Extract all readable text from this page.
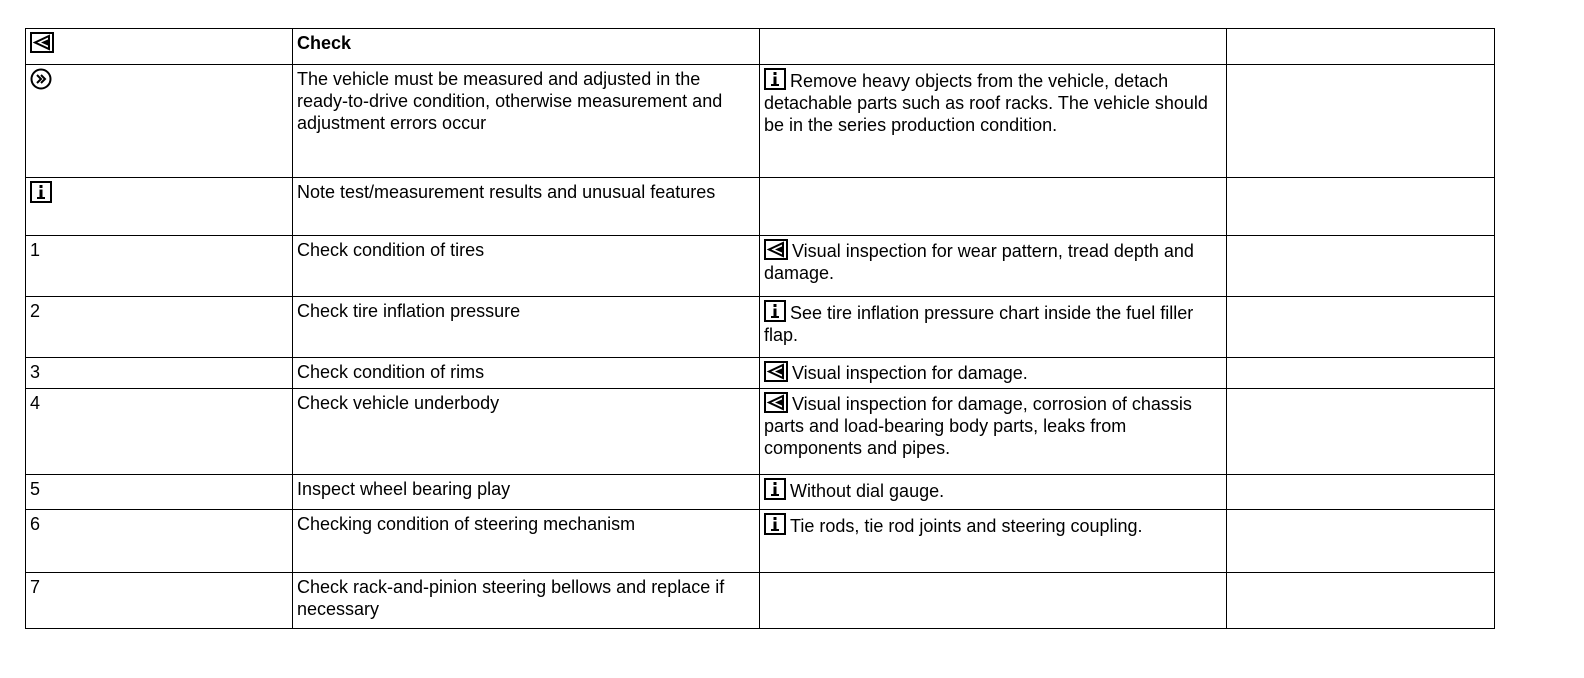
	Check		

	The vehicle must be measured and adjusted in the ready-to-drive condition, otherwise measurement and adjustment errors occur	Remove heavy objects from the vehicle, detach detachable parts such as roof racks. The vehicle should be in the series production condition.	

	Note test/measurement results and unusual features		
1	Check condition of tires	Visual inspection for wear pattern, tread depth and damage.	
2	Check tire inflation pressure	See tire inflation pressure chart inside the fuel filler flap.	
3	Check condition of rims	Visual inspection for damage.	
4	Check vehicle underbody	Visual inspection for damage, corrosion of chassis parts and load-bearing body parts, leaks from components and pipes.	
5	Inspect wheel bearing play	Without dial gauge.	
6	Checking condition of steering mechanism	Tie rods, tie rod joints and steering coupling.	
7	Check rack-and-pinion steering bellows and replace if necessary		
